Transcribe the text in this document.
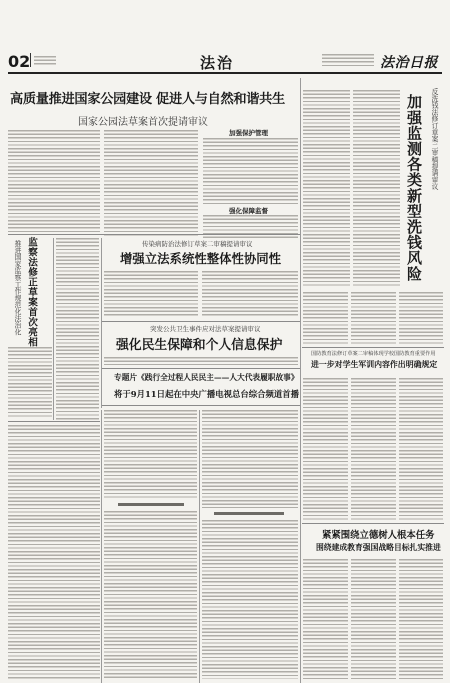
02	法治	法治日报
高质量推进国家公园建设 促进人与自然和谐共生
国家公园法草案首次提请审议
加强保护管理
强化保障监督
推进国家监察工作规范化法治化 监察法修正草案首次亮相	传染病防治法修订草案二审稿提请审议
增强立法系统性整体性协同性
突发公共卫生事件应对法草案提请审议
强化民生保障和个人信息保护
专题片《践行全过程人民民主——人大代表履职故事》
将于9月11日起在中央广播电视总台综合频道首播
加强监测各类新型洗钱风险 反洗钱法修订草案二审稿提请审议
国防教育法修订草案二审稿体现学校国防教育重要作用
进一步对学生军训内容作出明确规定
紧紧围绕立德树人根本任务
围绕建成教育强国战略目标扎实推进
